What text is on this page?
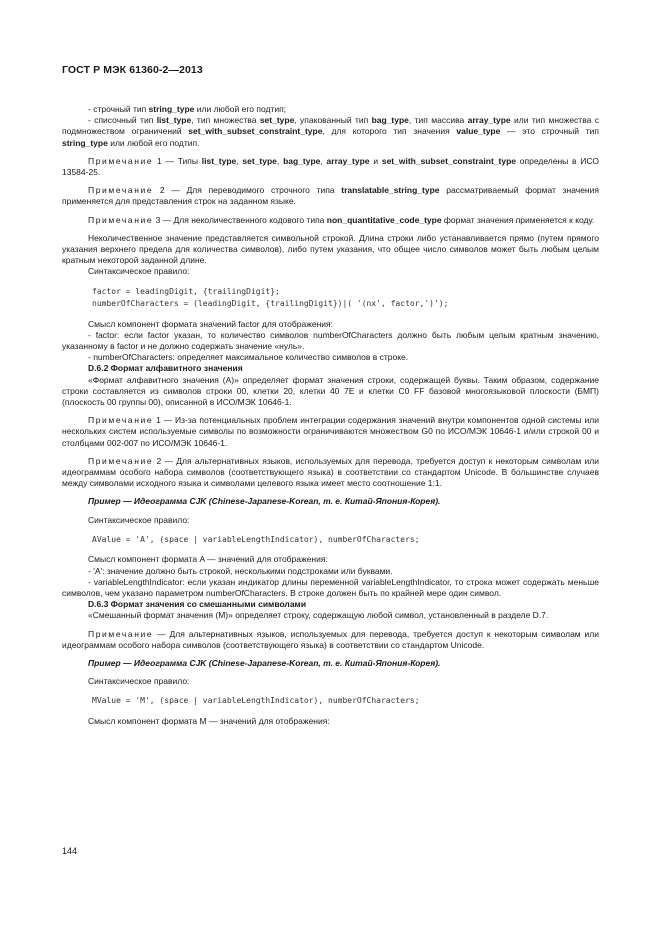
ГОСТ Р МЭК 61360-2—2013

- строчный тип string_type или любой его подтип;

- списочный тип list_type, тип множества set_type, упакованный тип bag_type, тип массива array_type или тип множества с подмножеством ограничений set_with_subset_constraint_type, для которого тип значения value_type — это строчный тип string_type или любой его подтип.

Примечание 1 — Типы list_type, set_type, bag_type, array_type и set_with_subset_constraint_type определены в ИСО 13584-25.

Примечание 2 — Для переводимого строчного типа translatable_string_type рассматриваемый формат значения применяется для представления строк на заданном языке.

Примечание 3 — Для неколичественного кодового типа non_quantitative_code_type формат значения применяется к коду.

Неколичественное значение представляется символьной строкой. Длина строки либо устанавливается прямо (путем прямого указания верхнего предела для количества символов), либо путем указания, что общее число символов может быть любым целым кратным некоторой заданной длине.

Синтаксическое правило:

factor = leadingDigit, {trailingDigit};
numberOfCharacters = (leadingDigit, {trailingDigit})|( '(nx', factor,')');

Смысл компонент формата значений factor для отображения:

- factor: если factor указан, то количество символов numberOfCharacters должно быть любым целым кратным значению, указанному в factor и не должно содержать значение «нуль».

- numberOfCharacters: определяет максимальное количество символов в строке.

D.6.2 Формат алфавитного значения

«Формат алфавитного значения (А)» определяет формат значения строки, содержащей буквы. Таким образом, содержание строки составляется из символов строки 00, клетки 20, клетки 40 7E и клетки C0 FF базовой многоязыковой плоскости (БМП) (плоскость 00 группы 00), описанной в ИСО/МЭК 10646-1.

Примечание 1 — Из-за потенциальных проблем интеграции содержания значений внутри компонентов одной системы или нескольких систем используемые символы по возможности ограничиваются множеством G0 по ИСО/МЭК 10646-1 и/или строкой 00 и столбцами 002-007 по ИСО/МЭК 10646-1.

Примечание 2 — Для альтернативных языков, используемых для перевода, требуется доступ к некоторым символам или идеограммам особого набора символов (соответствующего языка) в соответствии со стандартом Unicode. В большинстве случаев между символами исходного языка и символами целевого языка имеет место соотношение 1:1.

Пример — Идеограмма CJK (Chinese-Japanese-Korean, т. е. Китай-Япония-Корея).

Синтаксическое правило:

AValue = 'A', (space | variableLengthIndicator), numberOfCharacters;

Смысл компонент формата A — значений для отображения:

- 'A': значение должно быть строкой, несколькими подстроками или буквами.

- variableLengthIndicator: если указан индикатор длины переменной variableLengthIndicator, то строка может содержать меньше символов, чем указано параметром numberOfCharacters. В строке должен быть по крайней мере один символ.

D.6.3 Формат значения со смешанными символами

«Смешанный формат значения (М)» определяет строку, содержащую любой символ, установленный в разделе D.7.

Примечание — Для альтернативных языков, используемых для перевода, требуется доступ к некоторым символам или идеограммам особого набора символов (соответствующего языка) в соответствии со стандартом Unicode.

Пример — Идеограмма CJK (Chinese-Japanese-Korean, т. е. Китай-Япония-Корея).

Синтаксическое правило:

MValue = 'M', (space | variableLengthIndicator), numberOfCharacters;

Смысл компонент формата М — значений для отображения:

144
